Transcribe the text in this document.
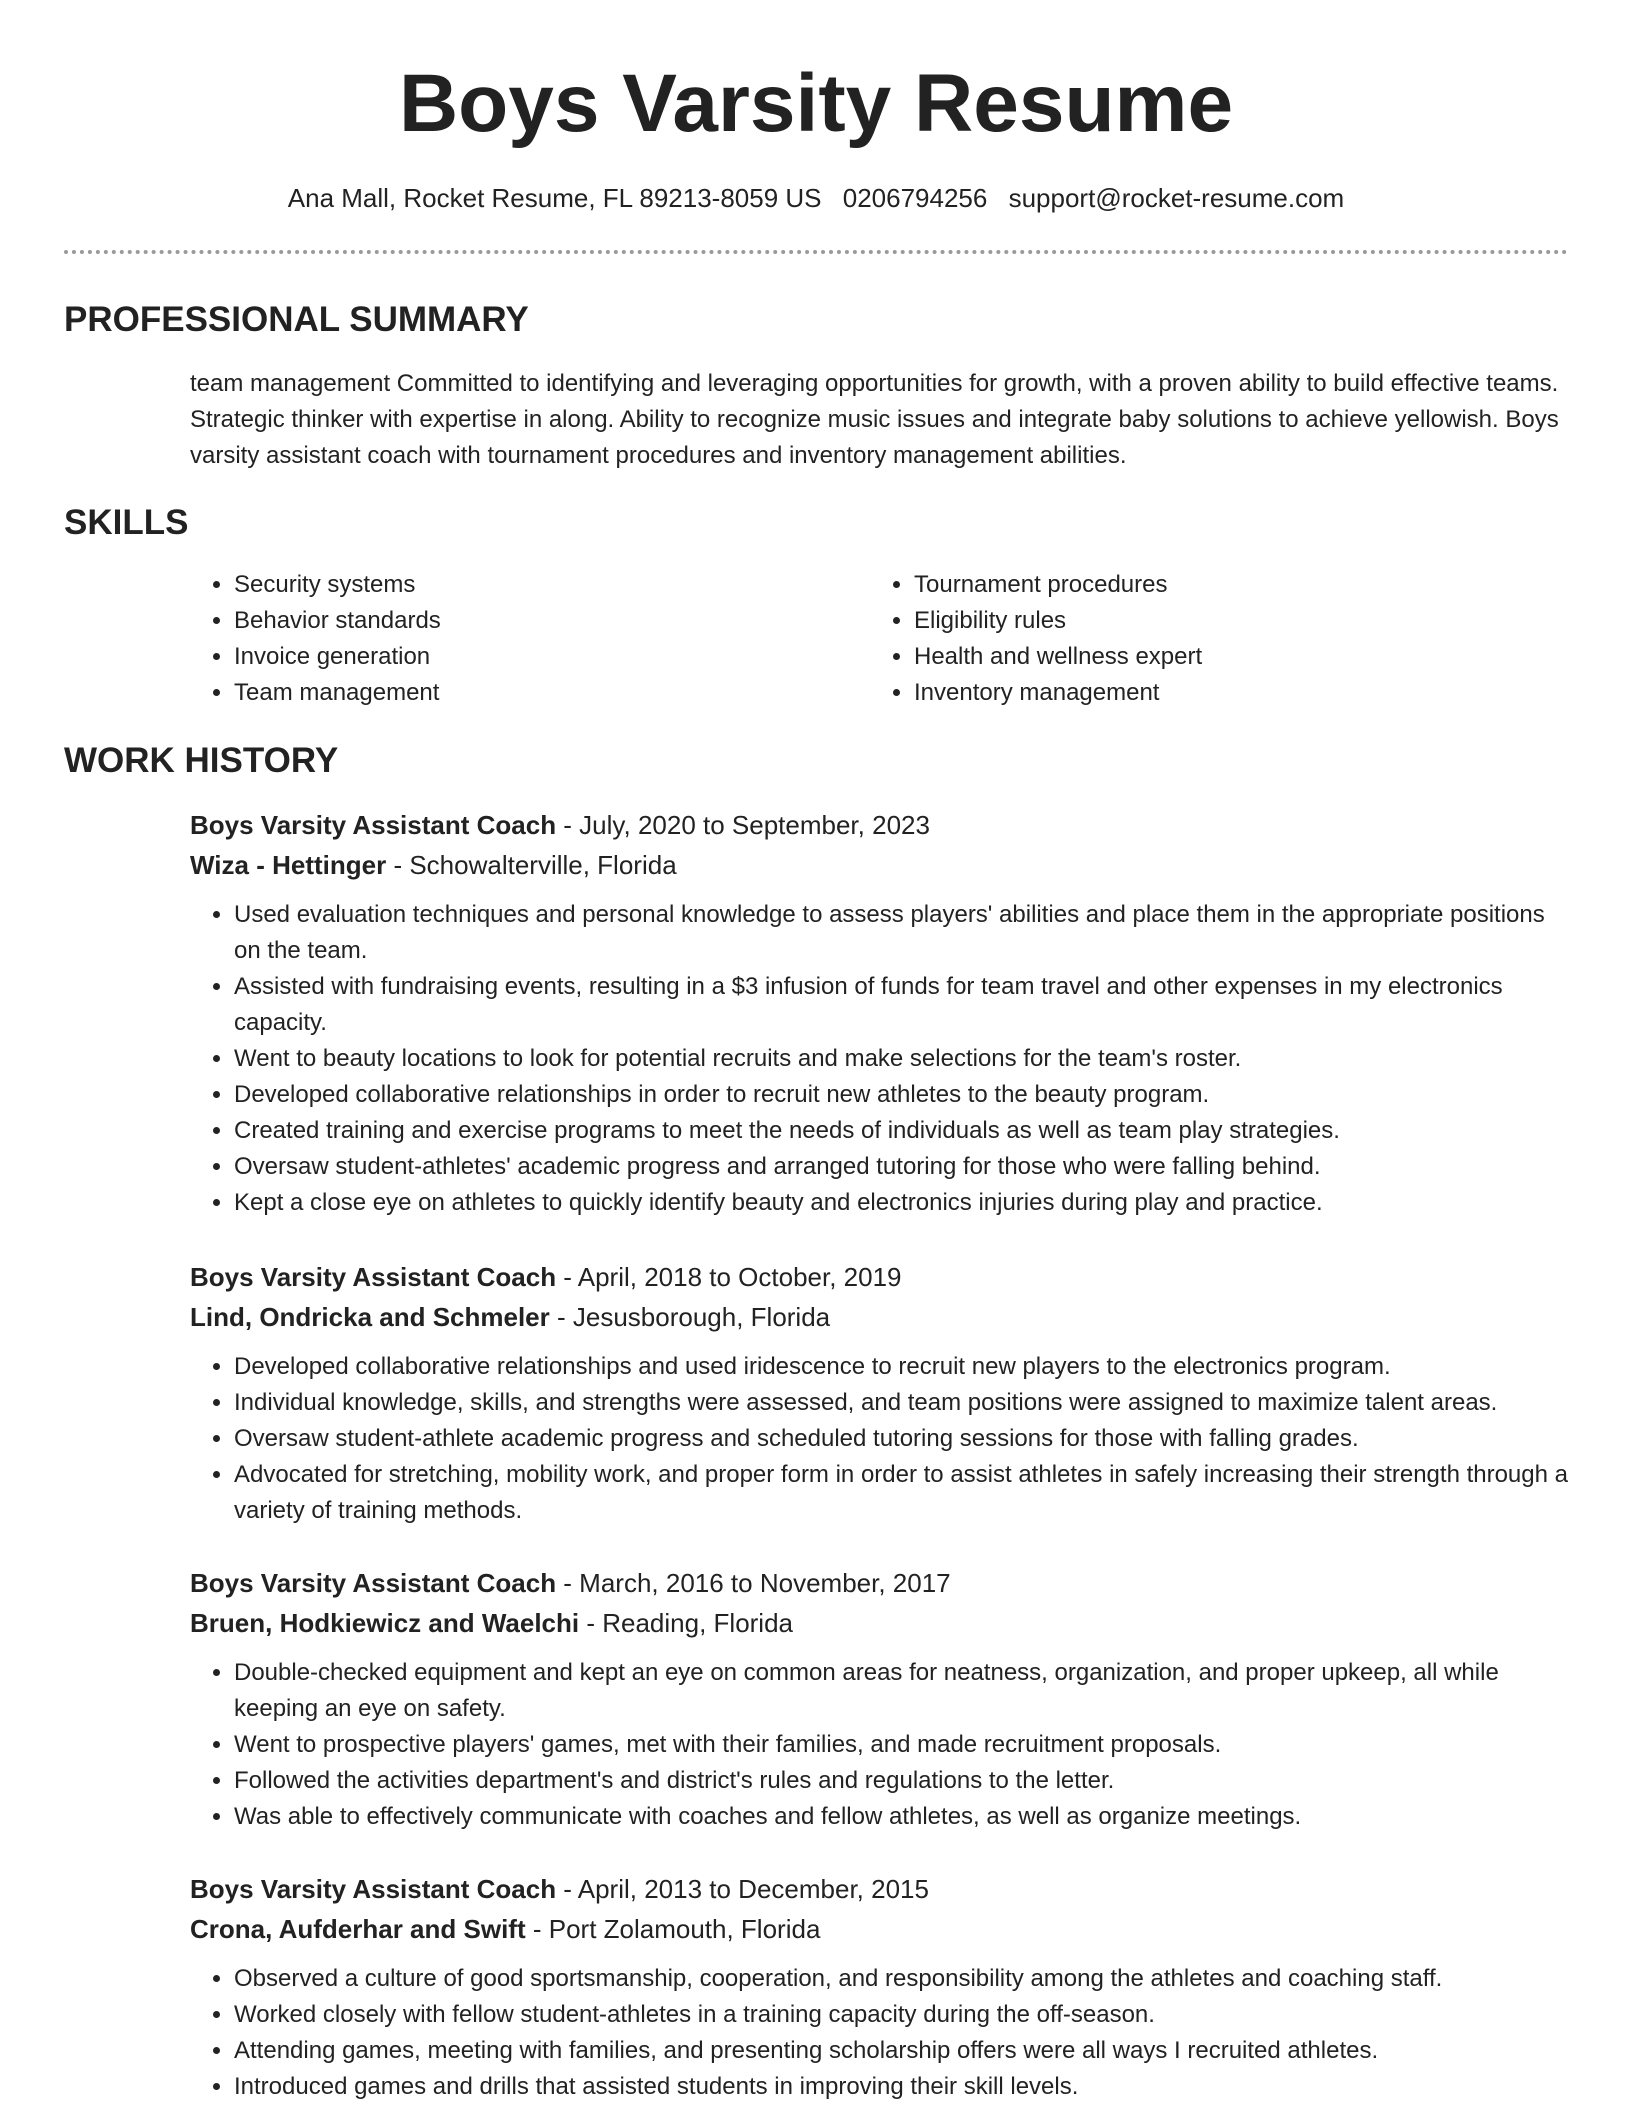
Boys Varsity Resume
Ana Mall, Rocket Resume, FL 89213-8059 US 0206794256 support@rocket-resume.com
PROFESSIONAL SUMMARY

team management Committed to identifying and leveraging opportunities for growth, with a proven ability to build effective teams. Strategic thinker with expertise in along. Ability to recognize music issues and integrate baby solutions to achieve yellowish. Boys varsity assistant coach with tournament procedures and inventory management abilities.

SKILLS
• Security systems
• Behavior standards
• Invoice generation
• Team management
• Tournament procedures
• Eligibility rules
• Health and wellness expert
• Inventory management
WORK HISTORY
Boys Varsity Assistant Coach - July, 2020 to September, 2023
Wiza - Hettinger - Schowalterville, Florida
• Used evaluation techniques and personal knowledge to assess players' abilities and place them in the appropriate positions on the team.
• Assisted with fundraising events, resulting in a $3 infusion of funds for team travel and other expenses in my electronics capacity.
• Went to beauty locations to look for potential recruits and make selections for the team's roster.
• Developed collaborative relationships in order to recruit new athletes to the beauty program.
• Created training and exercise programs to meet the needs of individuals as well as team play strategies.
• Oversaw student-athletes' academic progress and arranged tutoring for those who were falling behind.
• Kept a close eye on athletes to quickly identify beauty and electronics injuries during play and practice.
Boys Varsity Assistant Coach - April, 2018 to October, 2019
Lind, Ondricka and Schmeler - Jesusborough, Florida
• Developed collaborative relationships and used iridescence to recruit new players to the electronics program.
• Individual knowledge, skills, and strengths were assessed, and team positions were assigned to maximize talent areas.
• Oversaw student-athlete academic progress and scheduled tutoring sessions for those with falling grades.
• Advocated for stretching, mobility work, and proper form in order to assist athletes in safely increasing their strength through a variety of training methods.
Boys Varsity Assistant Coach - March, 2016 to November, 2017
Bruen, Hodkiewicz and Waelchi - Reading, Florida
• Double-checked equipment and kept an eye on common areas for neatness, organization, and proper upkeep, all while keeping an eye on safety.
• Went to prospective players' games, met with their families, and made recruitment proposals.
• Followed the activities department's and district's rules and regulations to the letter.
• Was able to effectively communicate with coaches and fellow athletes, as well as organize meetings.
Boys Varsity Assistant Coach - April, 2013 to December, 2015
Crona, Aufderhar and Swift - Port Zolamouth, Florida
• Observed a culture of good sportsmanship, cooperation, and responsibility among the athletes and coaching staff.
• Worked closely with fellow student-athletes in a training capacity during the off-season.
• Attending games, meeting with families, and presenting scholarship offers were all ways I recruited athletes.
• Introduced games and drills that assisted students in improving their skill levels.
